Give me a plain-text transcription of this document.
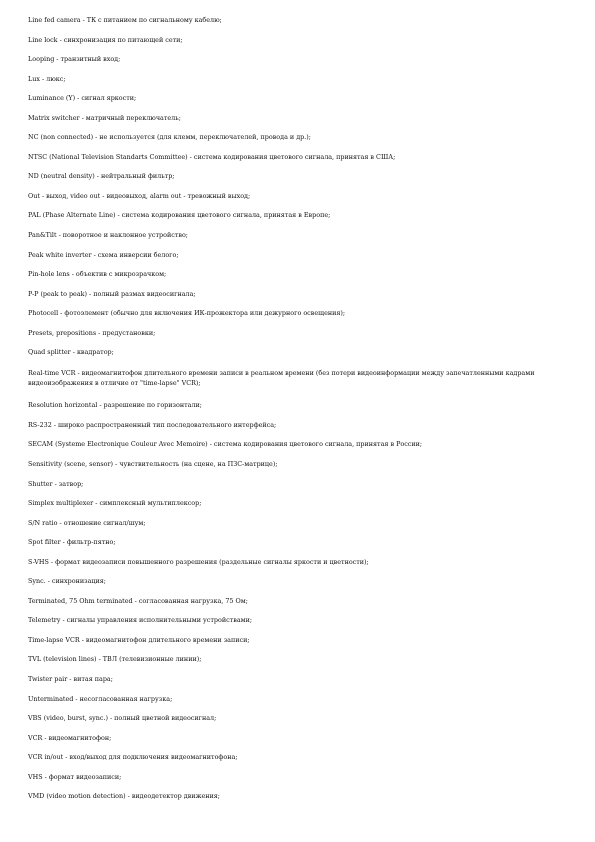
Line fed camera - ТК с питанием по сигнальному кабелю;
Line lock - синхронизация по питающей сети;
Looping - транзитный вход;
Lux - люкс;
Luminance (Y) - сигнал яркости;
Matrix switcher - матричный переключатель;
NC (non connected) - не используется (для клемм, переключателей, провода и др.);
NTSC (National Television Standarts Committee) - система кодирования цветового сигнала, принятая в США;
ND (neutral density) - нейтральный фильтр;
Out - выход, video out - видеовыход, alarm out - тревожный выход;
PAL (Phase Alternate Line) - система кодирования цветового сигнала, принятая в Европе;
Pan&Tilt - поворотное и наклонное устройство;
Peak white inverter - схема инверсии белого;
Pin-hole lens - объектив с микрозрачком;
P-P (peak to peak) - полный размах видеосигнала;
Photocell - фотоэлемент (обычно для включения ИК-прожектора или дежурного освещения);
Presets, prepositions - предустановки;
Quad splitter - квадратор;
Real-time VCR - видеомагнитофон длительного времени записи в реальном времени (без потери видеоинформации между запечатленными кадрами видеоизображения в отличие от "time-lapse" VCR);
Resolution horizontal - разрешение по горизонтали;
RS-232 - широко распространенный тип последовательного интерфейса;
SECAM (Systeme Electronique Couleur Avec Memoire) - система кодирования цветового сигнала, принятая в России;
Sensitivity (scene, sensor) - чувствительность (на сцене, на ПЗС-матрице);
Shutter - затвор;
Simplex multiplexer - симплексный мультиплексор;
S/N ratio - отношение сигнал/шум;
Spot filter - фильтр-пятно;
S-VHS - формат видеозаписи повышенного разрешения (раздельные сигналы яркости и цветности);
Sync. - синхронизация;
Terminated, 75 Ohm terminated - согласованная нагрузка, 75 Ом;
Telemetry - сигналы управления исполнительными устройствами;
Time-lapse VCR - видеомагнитофон длительного времени записи;
TVL (television lines) - ТВЛ (телевизионные линии);
Twister pair - витая пара;
Unterminated - несогласованная нагрузка;
VBS (video, burst, sync.) - полный цветной видеосигнал;
VCR - видеомагнитофон;
VCR in/out - вход/выход для подключения видеомагнитофона;
VHS - формат видеозаписи;
VMD (video motion detection) - видеодетектор движения;
